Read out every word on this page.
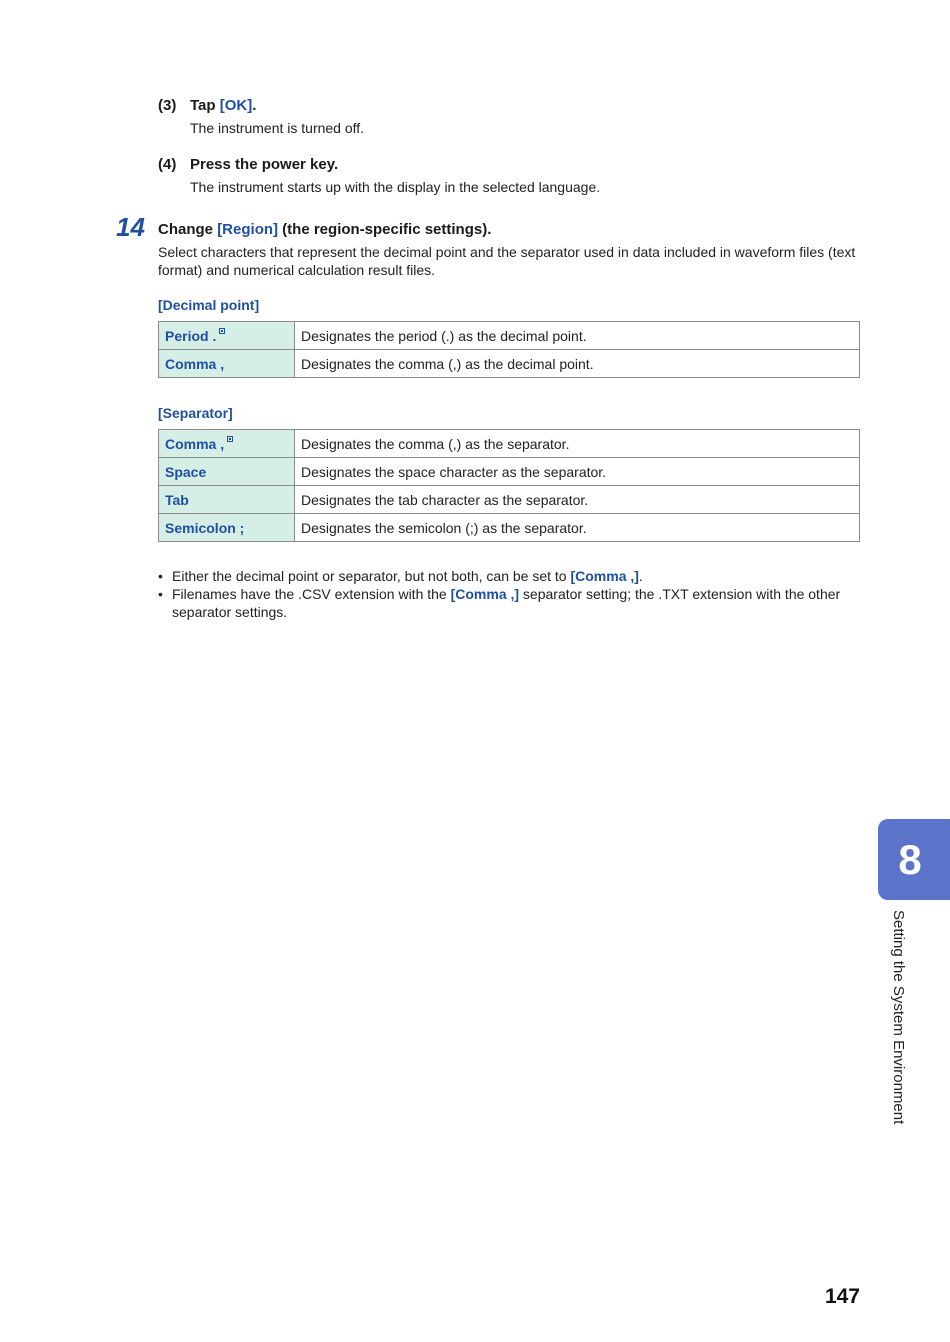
(3) Tap [OK].
The instrument is turned off.
(4) Press the power key.
The instrument starts up with the display in the selected language.
14 Change [Region] (the region-specific settings).
Select characters that represent the decimal point and the separator used in data included in waveform files (text format) and numerical calculation result files.
[Decimal point]
Period .	Designates the period (.) as the decimal point.
Comma ,	Designates the comma (,) as the decimal point.
[Separator]
Comma ,	Designates the comma (,) as the separator.
Space	Designates the space character as the separator.
Tab	Designates the tab character as the separator.
Semicolon ;	Designates the semicolon (;) as the separator.
• Either the decimal point or separator, but not both, can be set to [Comma ,].
• Filenames have the .CSV extension with the [Comma ,] separator setting; the .TXT extension with the other separator settings.
8
Setting the System Environment
147
